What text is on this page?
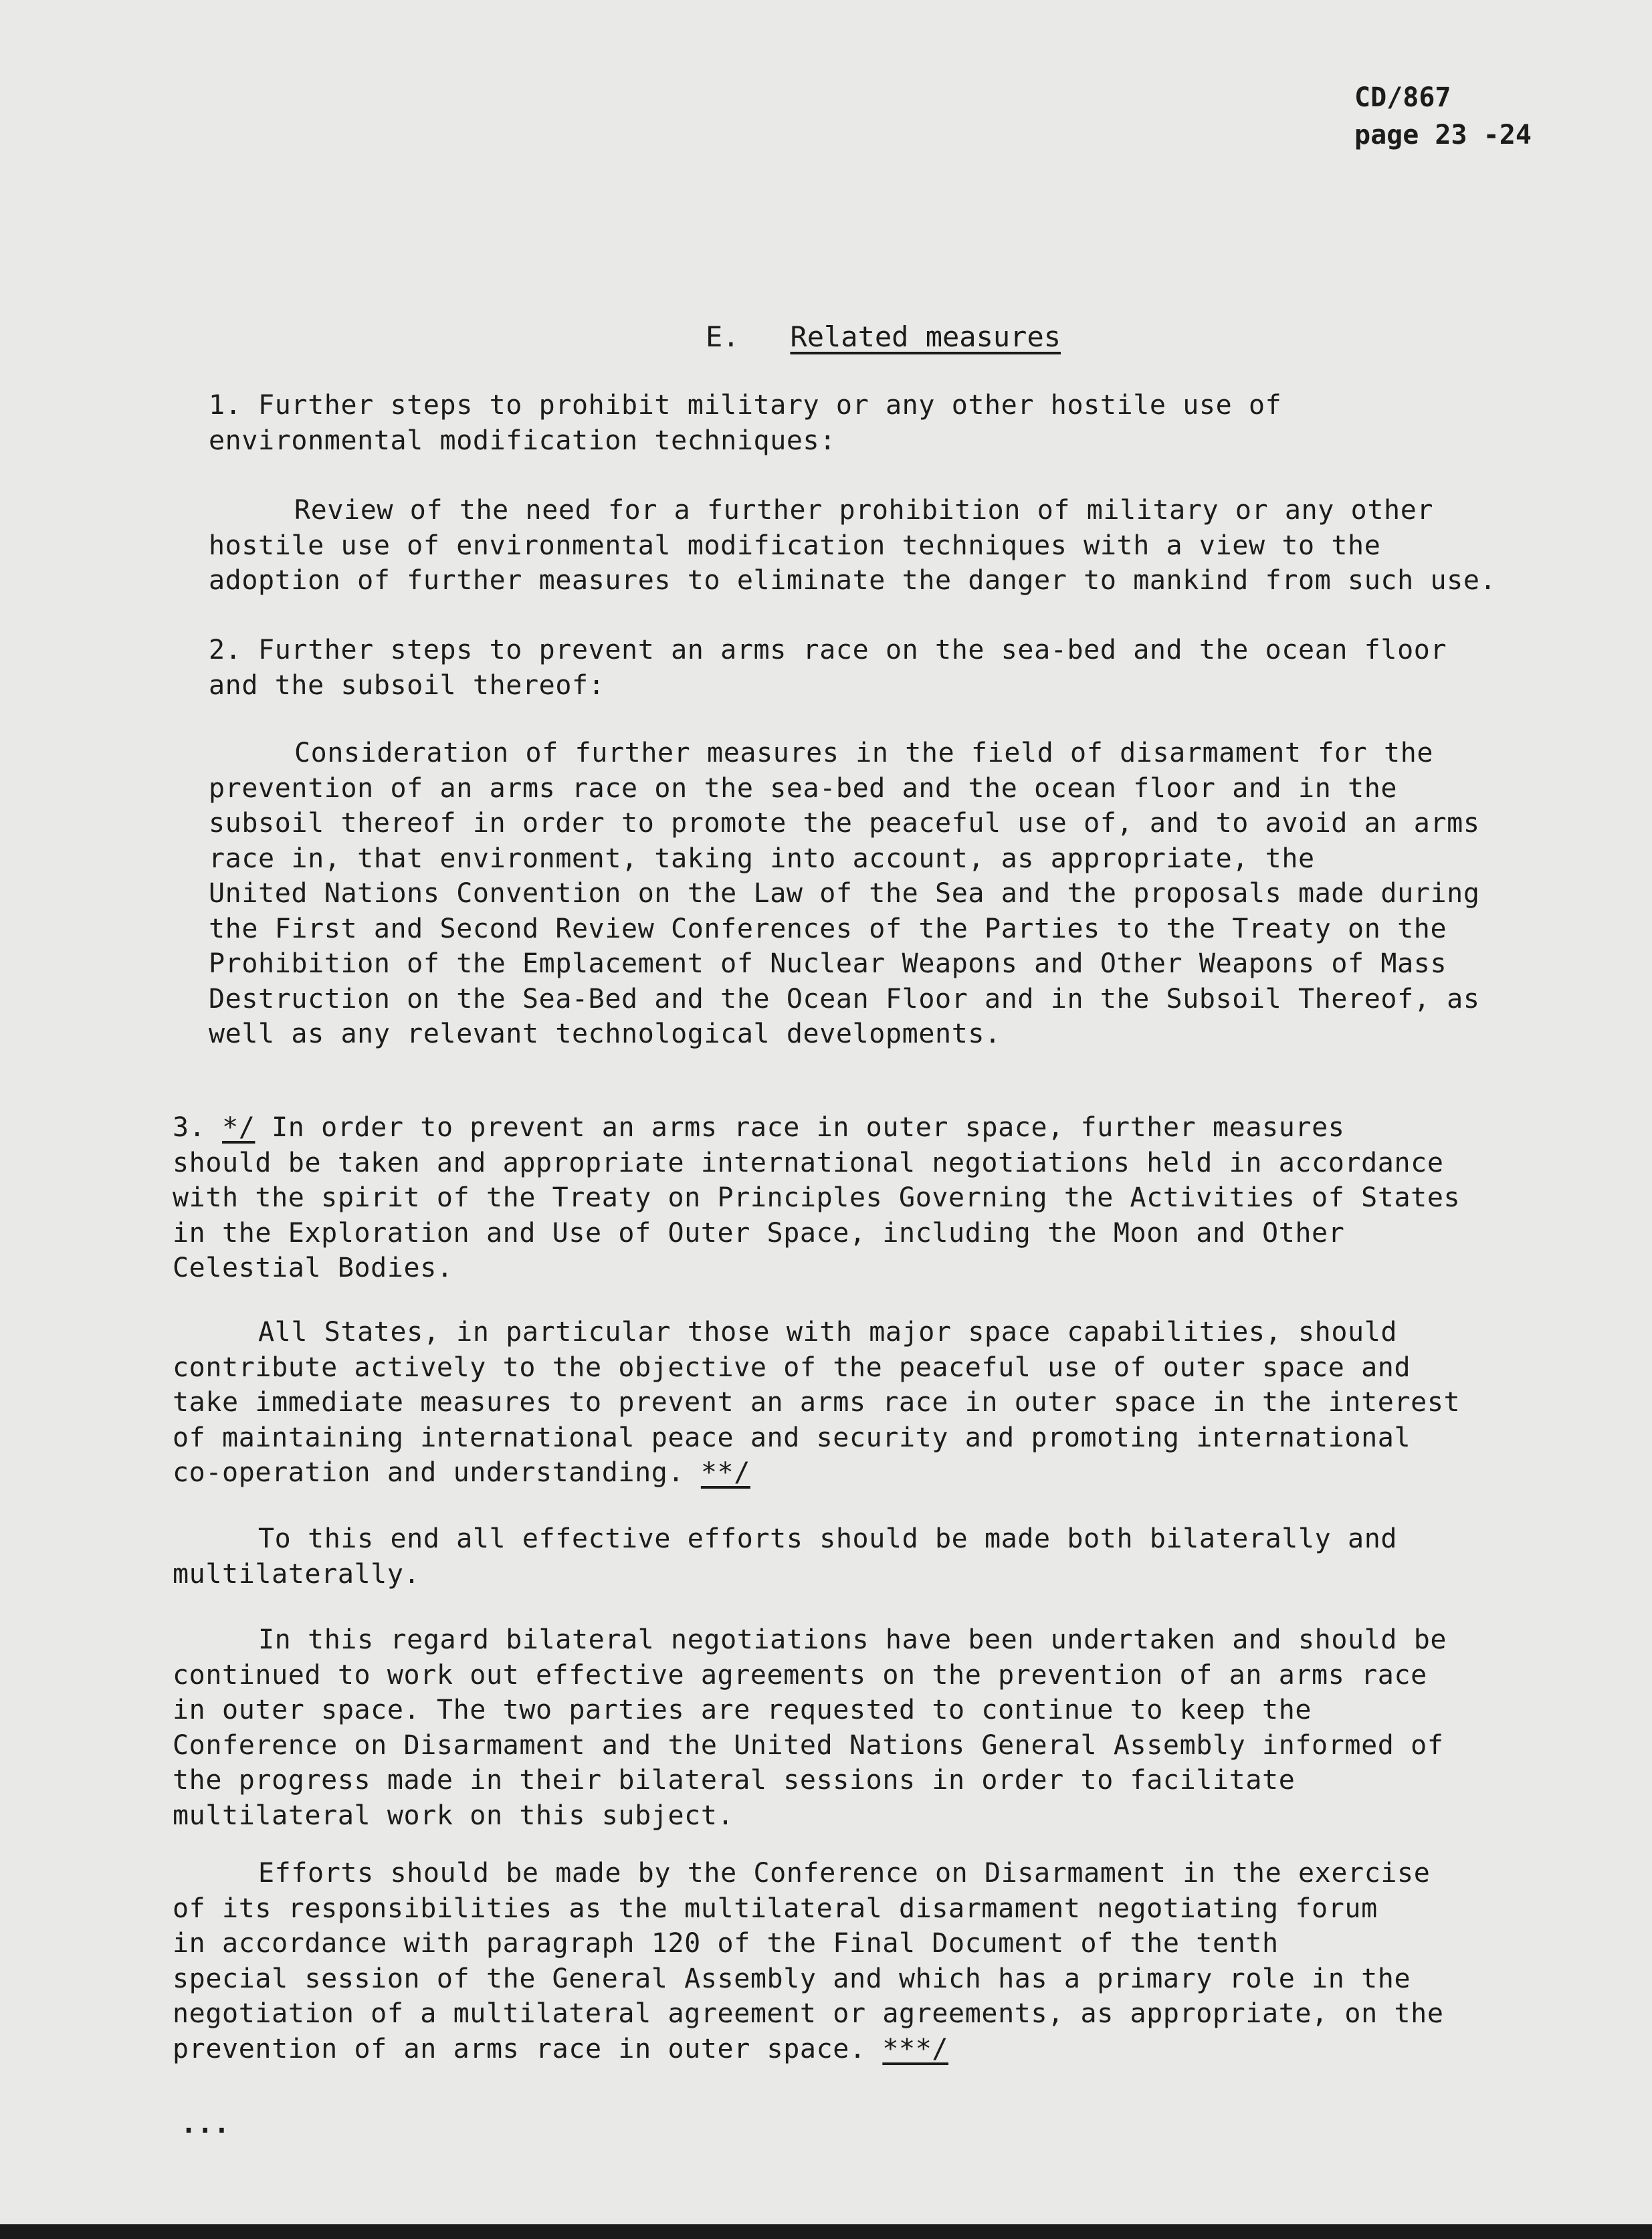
CD/867
page 23 -24
E. Related measures
1. Further steps to prohibit military or any other hostile use of
environmental modification techniques:
Review of the need for a further prohibition of military or any other
hostile use of environmental modification techniques with a view to the
adoption of further measures to eliminate the danger to mankind from such use.
2. Further steps to prevent an arms race on the sea-bed and the ocean floor
and the subsoil thereof:
Consideration of further measures in the field of disarmament for the
prevention of an arms race on the sea-bed and the ocean floor and in the
subsoil thereof in order to promote the peaceful use of, and to avoid an arms
race in, that environment, taking into account, as appropriate, the
United Nations Convention on the Law of the Sea and the proposals made during
the First and Second Review Conferences of the Parties to the Treaty on the
Prohibition of the Emplacement of Nuclear Weapons and Other Weapons of Mass
Destruction on the Sea-Bed and the Ocean Floor and in the Subsoil Thereof, as
well as any relevant technological developments.
3. */ In order to prevent an arms race in outer space, further measures
should be taken and appropriate international negotiations held in accordance
with the spirit of the Treaty on Principles Governing the Activities of States
in the Exploration and Use of Outer Space, including the Moon and Other
Celestial Bodies.
All States, in particular those with major space capabilities, should
contribute actively to the objective of the peaceful use of outer space and
take immediate measures to prevent an arms race in outer space in the interest
of maintaining international peace and security and promoting international
co-operation and understanding. **/
To this end all effective efforts should be made both bilaterally and
multilaterally.
In this regard bilateral negotiations have been undertaken and should be
continued to work out effective agreements on the prevention of an arms race
in outer space. The two parties are requested to continue to keep the
Conference on Disarmament and the United Nations General Assembly informed of
the progress made in their bilateral sessions in order to facilitate
multilateral work on this subject.
Efforts should be made by the Conference on Disarmament in the exercise
of its responsibilities as the multilateral disarmament negotiating forum
in accordance with paragraph 120 of the Final Document of the tenth
special session of the General Assembly and which has a primary role in the
negotiation of a multilateral agreement or agreements, as appropriate, on the
prevention of an arms race in outer space. ***/
...
